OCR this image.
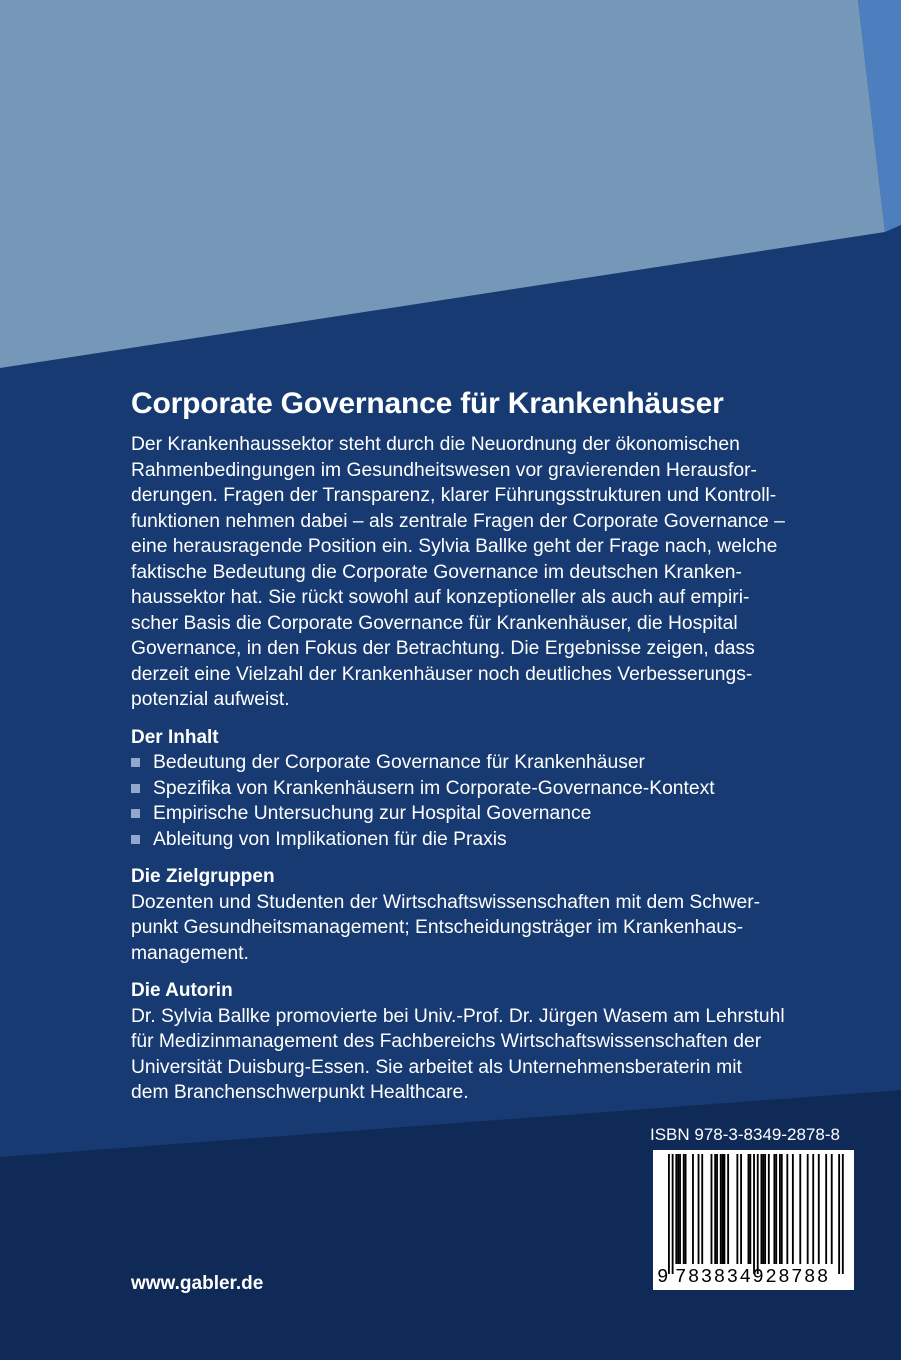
Corporate Governance für Krankenhäuser

Der Krankenhaussektor steht durch die Neuordnung der ökonomischen
Rahmenbedingungen im Gesundheitswesen vor gravierenden Herausfor-
derungen. Fragen der Transparenz, klarer Führungsstrukturen und Kontroll-
funktionen nehmen dabei – als zentrale Fragen der Corporate Governance –
eine herausragende Position ein. Sylvia Ballke geht der Frage nach, welche
faktische Bedeutung die Corporate Governance im deutschen Kranken-
haussektor hat. Sie rückt sowohl auf konzeptioneller als auch auf empiri-
scher Basis die Corporate Governance für Krankenhäuser, die Hospital
Governance, in den Fokus der Betrachtung. Die Ergebnisse zeigen, dass
derzeit eine Vielzahl der Krankenhäuser noch deutliches Verbesserungs-
potenzial aufweist.

Der Inhalt
Bedeutung der Corporate Governance für Krankenhäuser
Spezifika von Krankenhäusern im Corporate-Governance-Kontext
Empirische Untersuchung zur Hospital Governance
Ableitung von Implikationen für die Praxis
Die Zielgruppen

Dozenten und Studenten der Wirtschaftswissenschaften mit dem Schwer-
punkt Gesundheitsmanagement; Entscheidungsträger im Krankenhaus-
management.

Die Autorin

Dr. Sylvia Ballke promovierte bei Univ.-Prof. Dr. Jürgen Wasem am Lehrstuhl
für Medizinmanagement des Fachbereichs Wirtschaftswissenschaften der
Universität Duisburg-Essen. Sie arbeitet als Unternehmensberaterin mit
dem Branchenschwerpunkt Healthcare.

www.gabler.de
ISBN 978-3-8349-2878-8
9 783834928788
